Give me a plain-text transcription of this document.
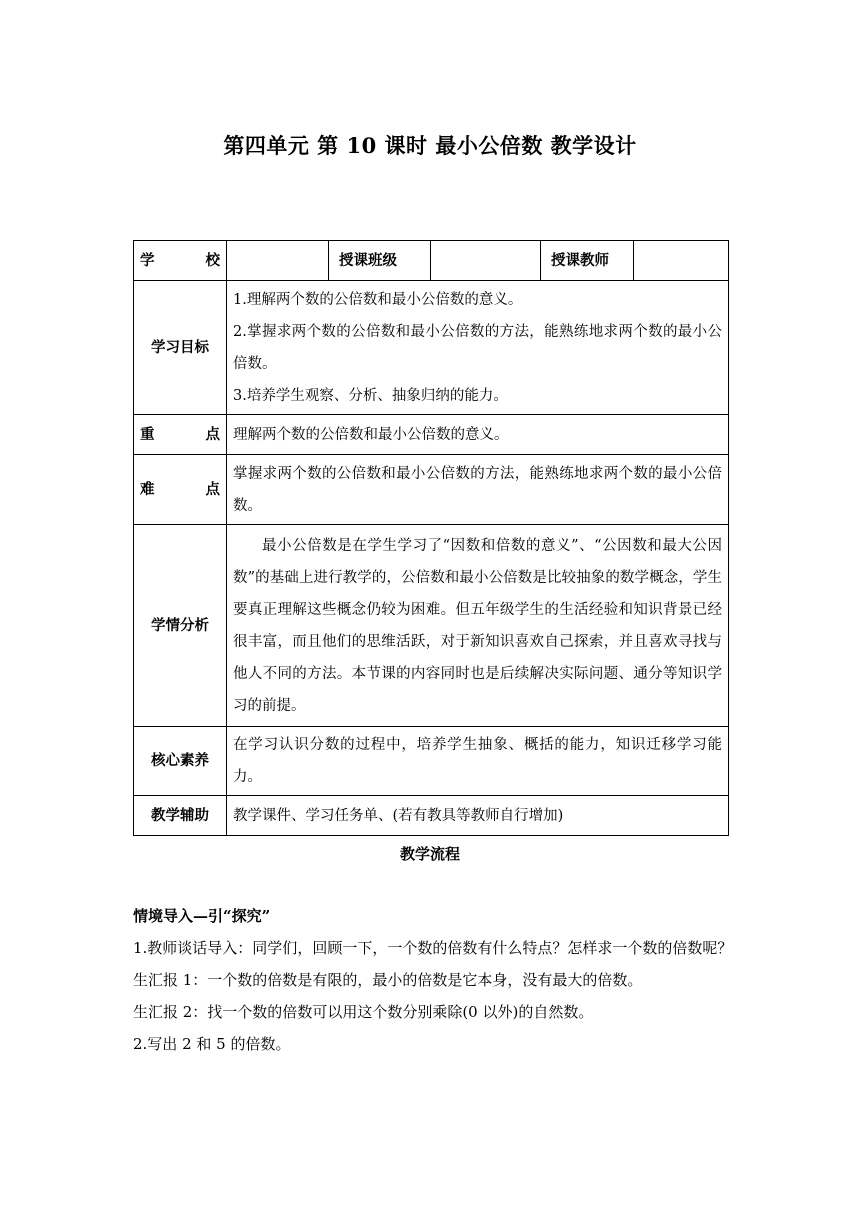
第四单元 第 10 课时 最小公倍数 教学设计
学 校		授课班级		授课教师	
学习目标	1.理解两个数的公倍数和最小公倍数的意义。

2.掌握求两个数的公倍数和最小公倍数的方法，能熟练地求两个数的最小公倍数。

3.培养学生观察、分析、抽象归纳的能力。				

重 点	理解两个数的公倍数和最小公倍数的意义。				
难 点	掌握求两个数的公倍数和最小公倍数的方法，能熟练地求两个数的最小公倍数。				
学情分析	最小公倍数是在学生学习了“因数和倍数的意义”、“公因数和最大公因数”的基础上进行教学的，公倍数和最小公倍数是比较抽象的数学概念，学生要真正理解这些概念仍较为困难。但五年级学生的生活经验和知识背景已经很丰富，而且他们的思维活跃，对于新知识喜欢自己探索，并且喜欢寻找与他人不同的方法。本节课的内容同时也是后续解决实际问题、通分等知识学习的前提。				
核心素养	在学习认识分数的过程中，培养学生抽象、概括的能力，知识迁移学习能力。				
教学辅助	教学课件、学习任务单、(若有教具等教师自行增加)				
教学流程

情境导入—引“探究”

1.教师谈话导入：同学们，回顾一下，一个数的倍数有什么特点？怎样求一个数的倍数呢？

生汇报 1：一个数的倍数是有限的，最小的倍数是它本身，没有最大的倍数。

生汇报 2：找一个数的倍数可以用这个数分别乘除(0 以外)的自然数。

2.写出 2 和 5 的倍数。
